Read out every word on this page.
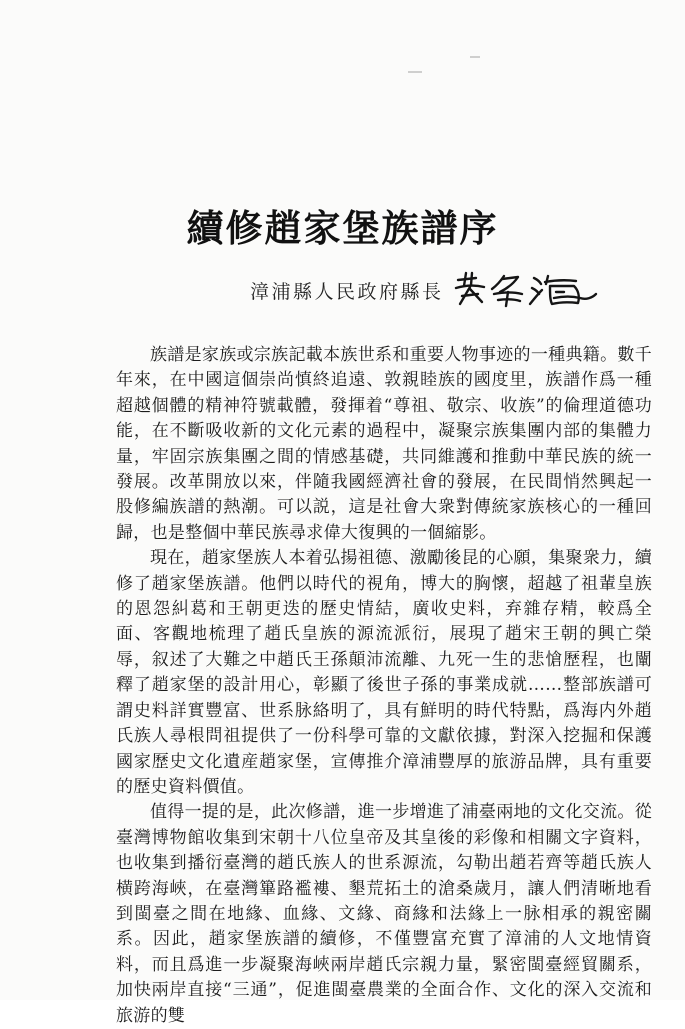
續修趙家堡族譜序
漳浦縣人民政府縣長

族譜是家族或宗族記載本族世系和重要人物事迹的一種典籍。數千年來，在中國這個崇尚慎終追遠、敦親睦族的國度里，族譜作爲一種超越個體的精神符號載體，發揮着“尊祖、敬宗、收族”的倫理道德功能，在不斷吸收新的文化元素的過程中，凝聚宗族集團内部的集體力量，牢固宗族集團之間的情感基礎，共同維護和推動中華民族的統一發展。改革開放以來，伴隨我國經濟社會的發展，在民間悄然興起一股修編族譜的熱潮。可以説，這是社會大衆對傳統家族核心的一種回歸，也是整個中華民族尋求偉大復興的一個縮影。

現在，趙家堡族人本着弘揚祖德、激勵後昆的心願，集聚衆力，續修了趙家堡族譜。他們以時代的視角，博大的胸懷，超越了祖輩皇族的恩怨糾葛和王朝更迭的歷史情結，廣收史料，弃雜存精，較爲全面、客觀地梳理了趙氏皇族的源流派衍，展現了趙宋王朝的興亡榮辱，叙述了大難之中趙氏王孫顛沛流離、九死一生的悲愴歷程，也闡釋了趙家堡的設計用心，彰顯了後世子孫的事業成就……整部族譜可謂史料詳實豐富、世系脉絡明了，具有鮮明的時代特點，爲海内外趙氏族人尋根問祖提供了一份科學可靠的文獻依據，對深入挖掘和保護國家歷史文化遺産趙家堡，宣傳推介漳浦豐厚的旅游品牌，具有重要的歷史資料價值。

值得一提的是，此次修譜，進一步增進了浦臺兩地的文化交流。從臺灣博物館收集到宋朝十八位皇帝及其皇後的彩像和相關文字資料，也收集到播衍臺灣的趙氏族人的世系源流，勾勒出趙若齊等趙氏族人横跨海峽，在臺灣篳路襤褸、墾荒拓土的滄桑歲月，讓人們清晰地看到閩臺之間在地緣、血緣、文緣、商緣和法緣上一脉相承的親密關系。因此，趙家堡族譜的續修，不僅豐富充實了漳浦的人文地情資料，而且爲進一步凝聚海峽兩岸趙氏宗親力量，緊密閩臺經貿關系，加快兩岸直接“三通”，促進閩臺農業的全面合作、文化的深入交流和旅游的雙
